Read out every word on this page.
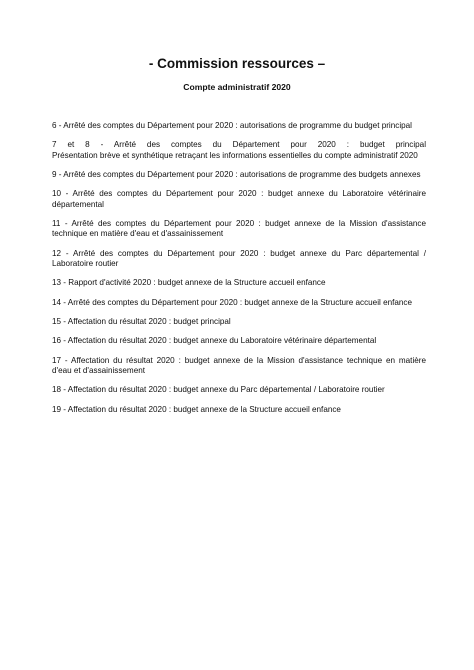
- Commission ressources –
Compte administratif 2020
6 - Arrêté des comptes du Département pour 2020 : autorisations de programme du budget principal
7 et 8 - Arrêté des comptes du Département pour 2020 : budget principal
Présentation brève et synthétique retraçant les informations essentielles du compte administratif 2020
9 - Arrêté des comptes du Département pour 2020 : autorisations de programme des budgets annexes
10 - Arrêté des comptes du Département pour 2020 : budget annexe du Laboratoire vétérinaire
départemental
11 - Arrêté des comptes du Département pour 2020 : budget annexe de la Mission d'assistance
technique en matière d'eau et d'assainissement
12 - Arrêté des comptes du Département pour 2020 : budget annexe du Parc départemental /
Laboratoire routier
13 - Rapport d'activité 2020 : budget annexe de la Structure accueil enfance
14 - Arrêté des comptes du Département pour 2020 : budget annexe de la Structure accueil enfance
15 - Affectation du résultat 2020 : budget principal
16 - Affectation du résultat 2020 : budget annexe du Laboratoire vétérinaire départemental
17 - Affectation du résultat 2020 : budget annexe de la Mission d'assistance technique en matière
d'eau et d'assainissement
18 - Affectation du résultat 2020 : budget annexe du Parc départemental / Laboratoire routier
19 - Affectation du résultat 2020 : budget annexe de la Structure accueil enfance
